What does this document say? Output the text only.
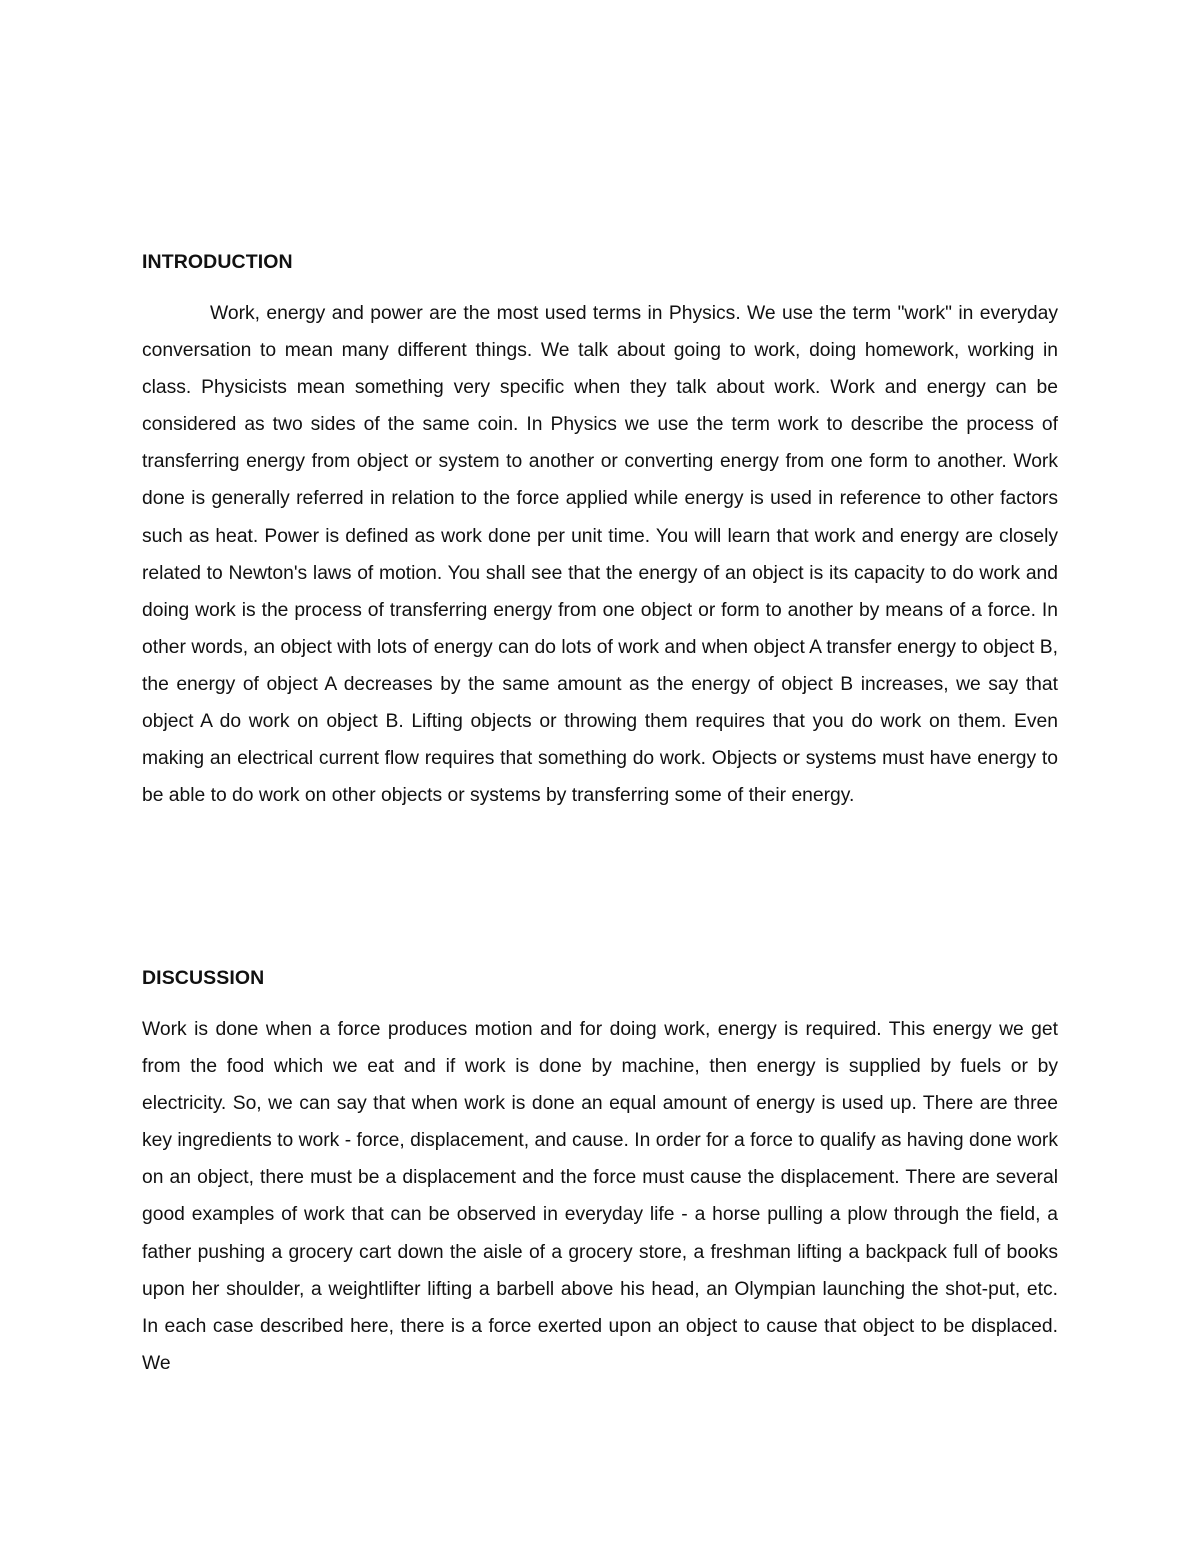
INTRODUCTION

Work, energy and power are the most used terms in Physics. We use the term "work" in everyday conversation to mean many different things. We talk about going to work, doing homework, working in class. Physicists mean something very specific when they talk about work. Work and energy can be considered as two sides of the same coin. In Physics we use the term work to describe the process of transferring energy from object or system to another or converting energy from one form to another. Work done is generally referred in relation to the force applied while energy is used in reference to other factors such as heat. Power is defined as work done per unit time. You will learn that work and energy are closely related to Newton's laws of motion. You shall see that the energy of an object is its capacity to do work and doing work is the process of transferring energy from one object or form to another by means of a force. In other words, an object with lots of energy can do lots of work and when object A transfer energy to object B, the energy of object A decreases by the same amount as the energy of object B increases, we say that object A do work on object B. Lifting objects or throwing them requires that you do work on them. Even making an electrical current flow requires that something do work. Objects or systems must have energy to be able to do work on other objects or systems by transferring some of their energy.

DISCUSSION

Work is done when a force produces motion and for doing work, energy is required. This energy we get from the food which we eat and if work is done by machine, then energy is supplied by fuels or by electricity. So, we can say that when work is done an equal amount of energy is used up. There are three key ingredients to work - force, displacement, and cause. In order for a force to qualify as having done work on an object, there must be a displacement and the force must cause the displacement. There are several good examples of work that can be observed in everyday life - a horse pulling a plow through the field, a father pushing a grocery cart down the aisle of a grocery store, a freshman lifting a backpack full of books upon her shoulder, a weightlifter lifting a barbell above his head, an Olympian launching the shot-put, etc. In each case described here, there is a force exerted upon an object to cause that object to be displaced. We
